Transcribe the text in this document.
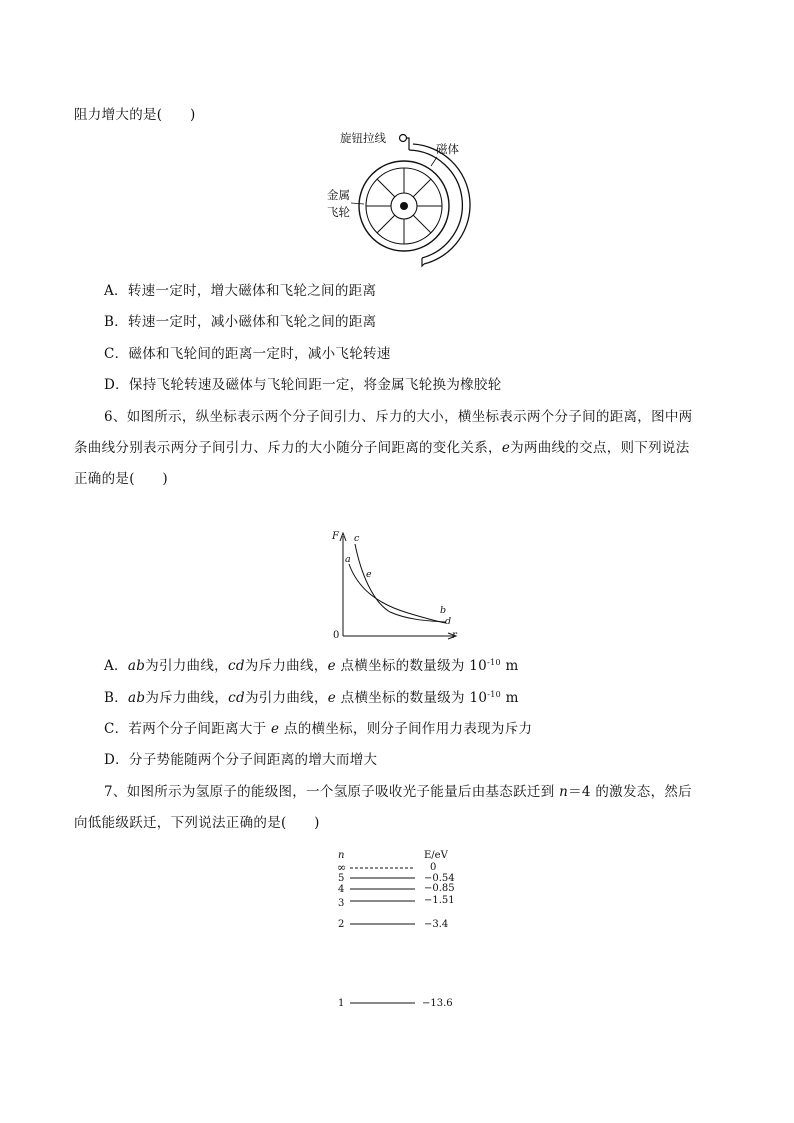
阻力增大的是(　　)
旋钮拉线
磁体
金属
飞轮
A．转速一定时，增大磁体和飞轮之间的距离
B．转速一定时，减小磁体和飞轮之间的距离
C．磁体和飞轮间的距离一定时，减小飞轮转速
D．保持飞轮转速及磁体与飞轮间距一定，将金属飞轮换为橡胶轮
6、如图所示，纵坐标表示两个分子间引力、斥力的大小，横坐标表示两个分子间的距离，图中两
条曲线分别表示两分子间引力、斥力的大小随分子间距离的变化关系，e为两曲线的交点，则下列说法
正确的是(　　)
F
r
0
c
a
e
b
d
A．ab为引力曲线，cd为斥力曲线，e 点横坐标的数量级为 $10^{-10}$ m
B．ab为斥力曲线，cd为引力曲线，e 点横坐标的数量级为 $10^{-10}$ m
C．若两个分子间距离大于 e 点的横坐标，则分子间作用力表现为斥力
D．分子势能随两个分子间距离的增大而增大
7、如图所示为氢原子的能级图，一个氢原子吸收光子能量后由基态跃迁到 n＝4 的激发态，然后
向低能级跃迁，下列说法正确的是(　　)
n	E/eV
∞	0
5	−0.54
4	−0.85
3	−1.51
2	−3.4
1	−13.6
